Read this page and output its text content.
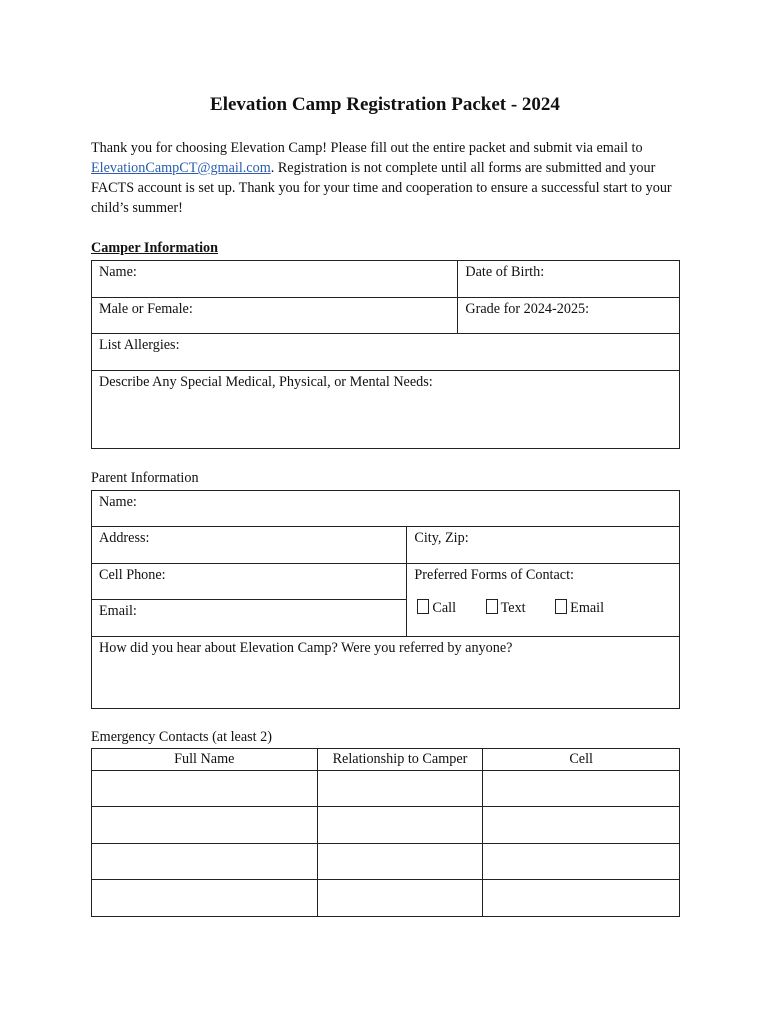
Elevation Camp Registration Packet - 2024
Thank you for choosing Elevation Camp! Please fill out the entire packet and submit via email to ElevationCampCT@gmail.com. Registration is not complete until all forms are submitted and your FACTS account is set up. Thank you for your time and cooperation to ensure a successful start to your child’s summer!
Camper Information
Name:	Date of Birth:
Male or Female:	Grade for 2024-2025:
List Allergies:	
Describe Any Special Medical, Physical, or Mental Needs:	
Parent Information
Name:	
Address:	City, Zip:
Cell Phone:	Preferred Forms of Contact:
Call Text Email

Email:	
How did you hear about Elevation Camp? Were you referred by anyone?	
Emergency Contacts (at least 2)
Full Name	Relationship to Camper	Cell
